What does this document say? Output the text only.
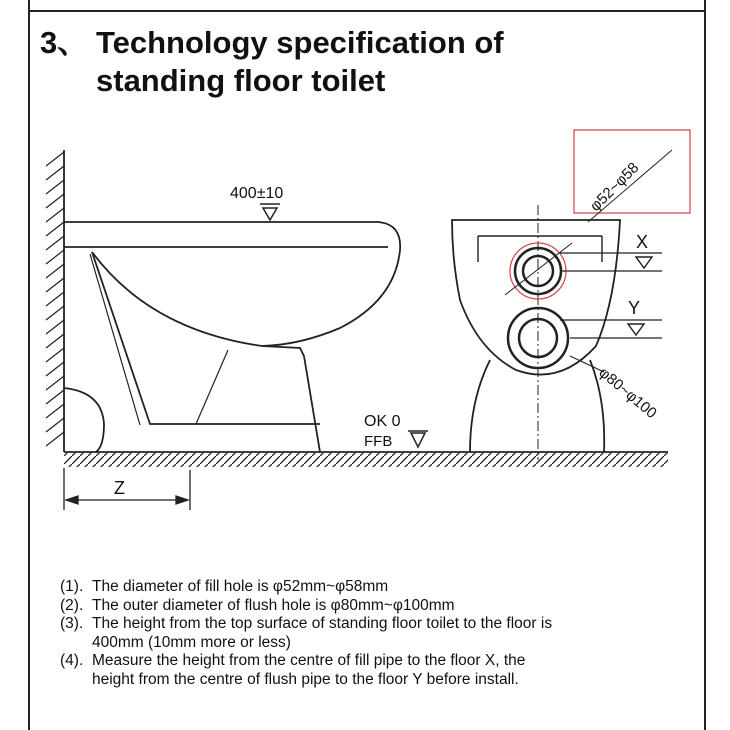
3、 Technology specification of
standing floor toilet
400±10
OK 0
FFB
Z
X
Y
φ52~φ58
φ80~φ100
(1). The diameter of fill hole is φ52mm~φ58mm
(2). The outer diameter of flush hole is φ80mm~φ100mm
(3). The height from the top surface of standing floor toilet to the floor is
400mm (10mm more or less)
(4). Measure the height from the centre of fill pipe to the floor X, the
height from the centre of flush pipe to the floor Y before install.
